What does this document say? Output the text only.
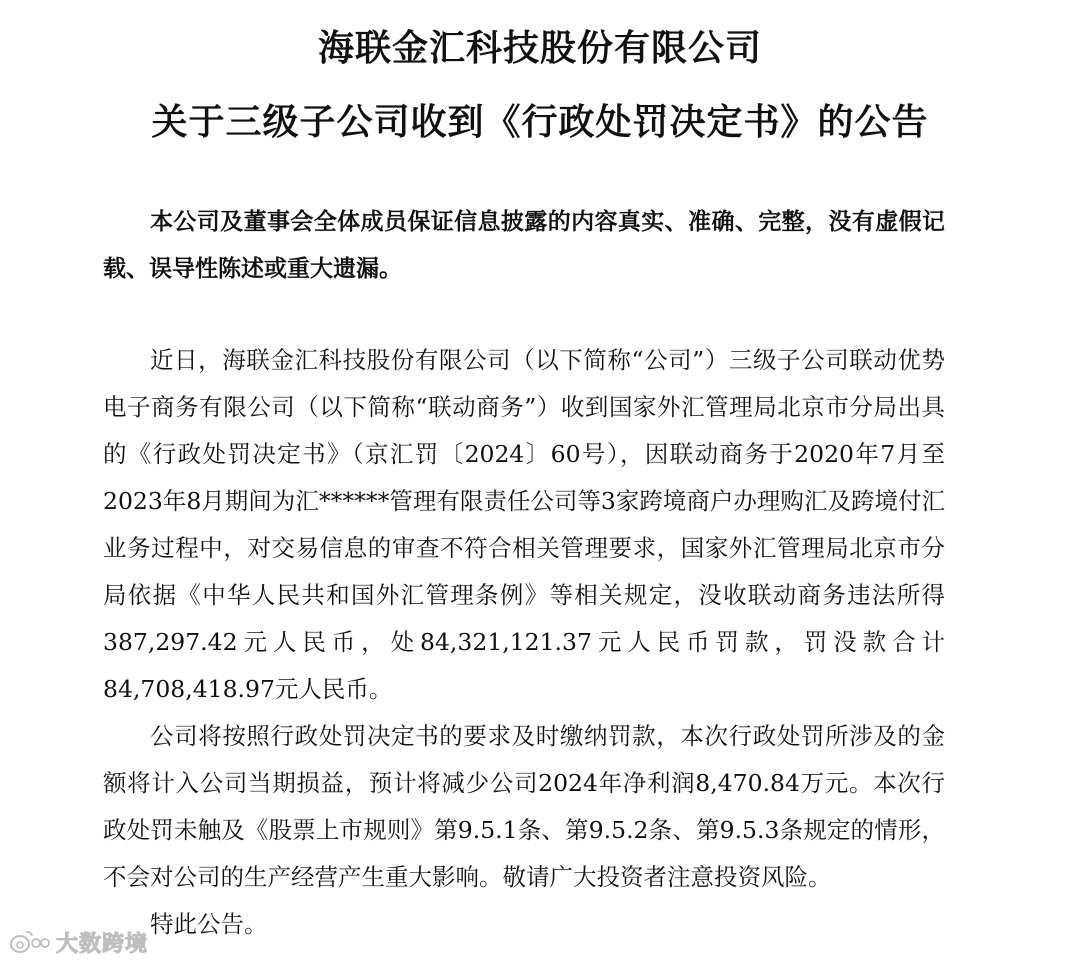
海联金汇科技股份有限公司
关于三级子公司收到《行政处罚决定书》的公告

本公司及董事会全体成员保证信息披露的内容真实、准确、完整，没有虚假记载、误导性陈述或重大遗漏。

近日，海联金汇科技股份有限公司（以下简称“公司”）三级子公司联动优势电子商务有限公司（以下简称“联动商务”）收到国家外汇管理局北京市分局出具的《行政处罚决定书》（京汇罚〔2024〕60号），因联动商务于2020年7月至2023年8月期间为汇******管理有限责任公司等3家跨境商户办理购汇及跨境付汇业务过程中，对交易信息的审查不符合相关管理要求，国家外汇管理局北京市分局依据《中华人民共和国外汇管理条例》等相关规定，没收联动商务违法所得387,297.42元人民币，处84,321,121.37元人民币罚款，罚没款合计84,708,418.97元人民币。

公司将按照行政处罚决定书的要求及时缴纳罚款，本次行政处罚所涉及的金额将计入公司当期损益，预计将减少公司2024年净利润8,470.84万元。本次行政处罚未触及《股票上市规则》第9.5.1条、第9.5.2条、第9.5.3条规定的情形，不会对公司的生产经营产生重大影响。敬请广大投资者注意投资风险。

特此公告。

大数跨境
